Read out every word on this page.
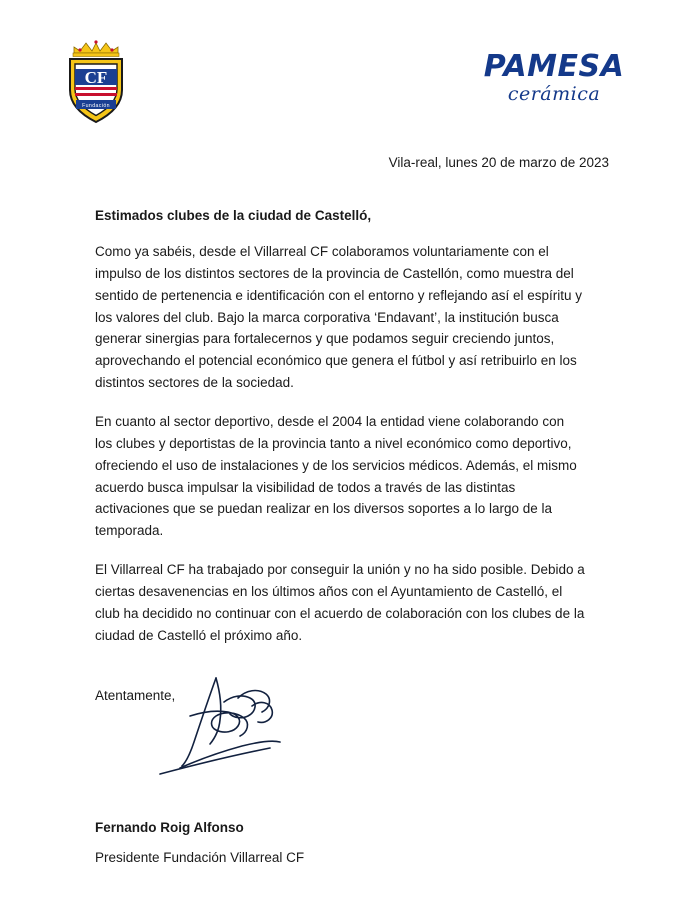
CF
Fundación
PAMESA
cerámica
Vila-real, lunes 20 de marzo de 2023

Estimados clubes de la ciudad de Castelló,

Como ya sabéis, desde el Villarreal CF colaboramos voluntariamente con el impulso de los distintos sectores de la provincia de Castellón, como muestra del sentido de pertenencia e identificación con el entorno y reflejando así el espíritu y los valores del club. Bajo la marca corporativa ‘Endavant’, la institución busca generar sinergias para fortalecernos y que podamos seguir creciendo juntos, aprovechando el potencial económico que genera el fútbol y así retribuirlo en los distintos sectores de la sociedad.

En cuanto al sector deportivo, desde el 2004 la entidad viene colaborando con los clubes y deportistas de la provincia tanto a nivel económico como deportivo, ofreciendo el uso de instalaciones y de los servicios médicos. Además, el mismo acuerdo busca impulsar la visibilidad de todos a través de las distintas activaciones que se puedan realizar en los diversos soportes a lo largo de la temporada.

El Villarreal CF ha trabajado por conseguir la unión y no ha sido posible. Debido a ciertas desavenencias en los últimos años con el Ayuntamiento de Castelló, el club ha decidido no continuar con el acuerdo de colaboración con los clubes de la ciudad de Castelló el próximo año.

Atentamente,

Fernando Roig Alfonso
Presidente Fundación Villarreal CF
